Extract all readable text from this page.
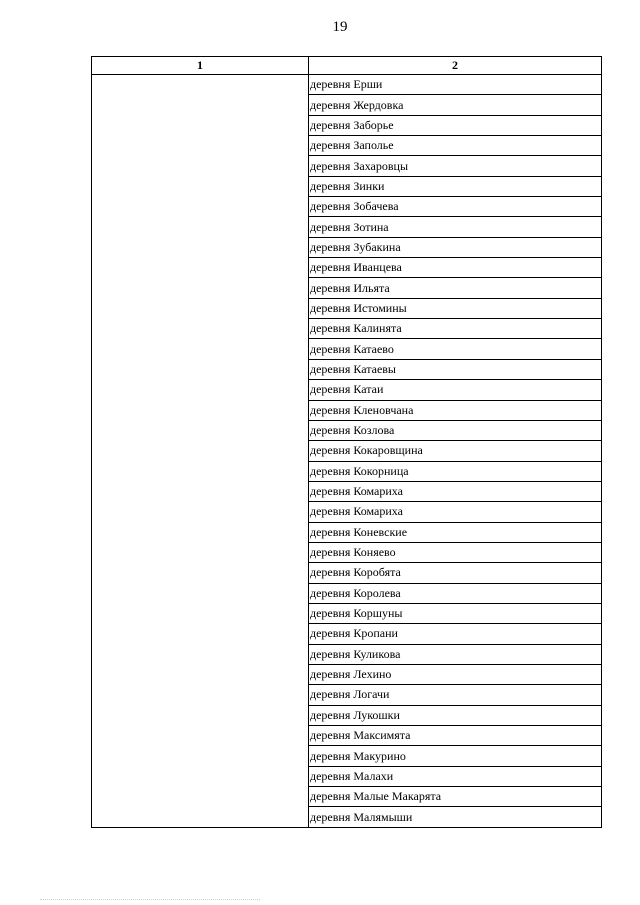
19
1	2
	деревня Ерши
	деревня Жердовка
	деревня Заборье
	деревня Заполье
	деревня Захаровцы
	деревня Зинки
	деревня Зобачева
	деревня Зотина
	деревня Зубакина
	деревня Иванцева
	деревня Ильята
	деревня Истомины
	деревня Калинята
	деревня Катаево
	деревня Катаевы
	деревня Катаи
	деревня Кленовчана
	деревня Козлова
	деревня Кокаровщина
	деревня Кокорница
	деревня Комариха
	деревня Комариха
	деревня Коневские
	деревня Коняево
	деревня Коробята
	деревня Королева
	деревня Коршуны
	деревня Кропани
	деревня Куликова
	деревня Лехино
	деревня Логачи
	деревня Лукошки
	деревня Максимята
	деревня Макурино
	деревня Малахи
	деревня Малые Макарята
	деревня Малямыши
